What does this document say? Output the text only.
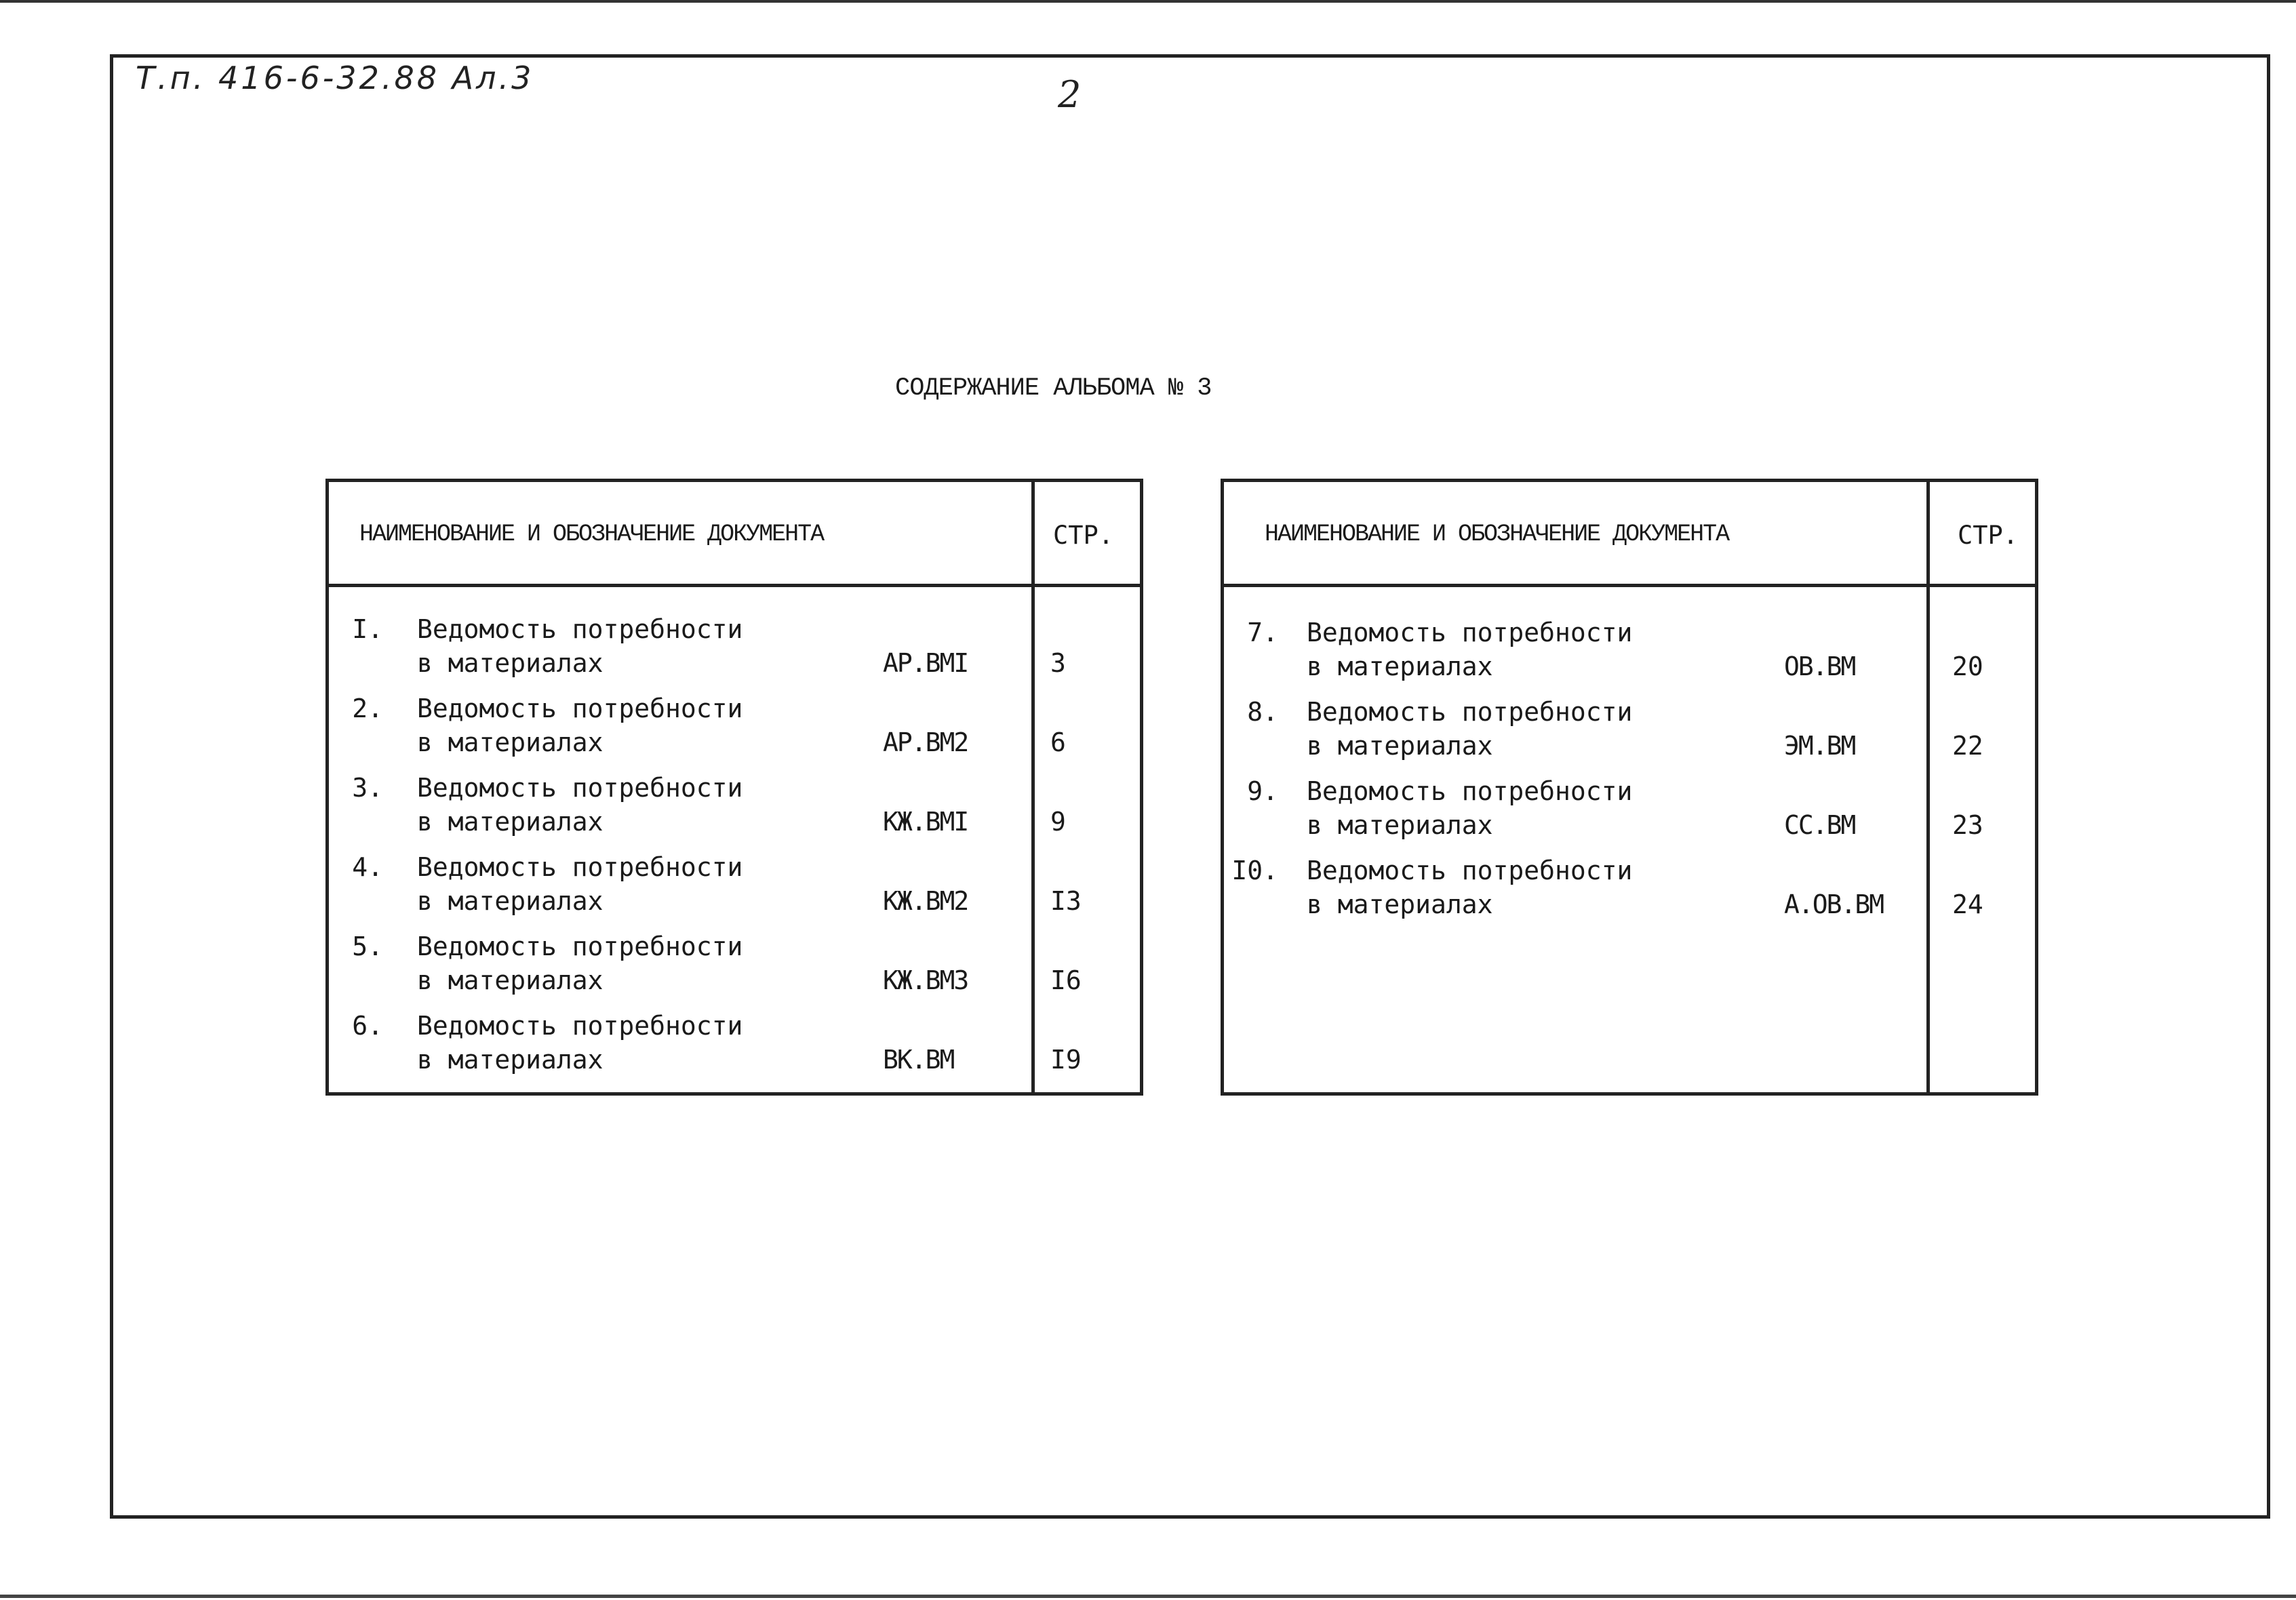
Т.п. 416-6-32.88 Ал.3	2
СОДЕРЖАНИЕ АЛЬБОМА № 3
НАИМЕНОВАНИЕ И ОБОЗНАЧЕНИЕ ДОКУМЕНТА	СТР.
I. Ведомость потребности
в материалах	АР.ВМI	3
2. Ведомость потребности
в материалах	АР.ВМ2	6
3. Ведомость потребности
в материалах	КЖ.ВМI	9
4. Ведомость потребности
в материалах	КЖ.ВМ2	I3
5. Ведомость потребности
в материалах	КЖ.ВМ3	I6
6. Ведомость потребности
в материалах	ВК.ВМ	I9
НАИМЕНОВАНИЕ И ОБОЗНАЧЕНИЕ ДОКУМЕНТА	СТР.
7. Ведомость потребности
в материалах	ОВ.ВМ	20
8. Ведомость потребности
в материалах	ЭМ.ВМ	22
9. Ведомость потребности
в материалах	СС.ВМ	23
I0. Ведомость потребности
в материалах	А.ОВ.ВМ	24
